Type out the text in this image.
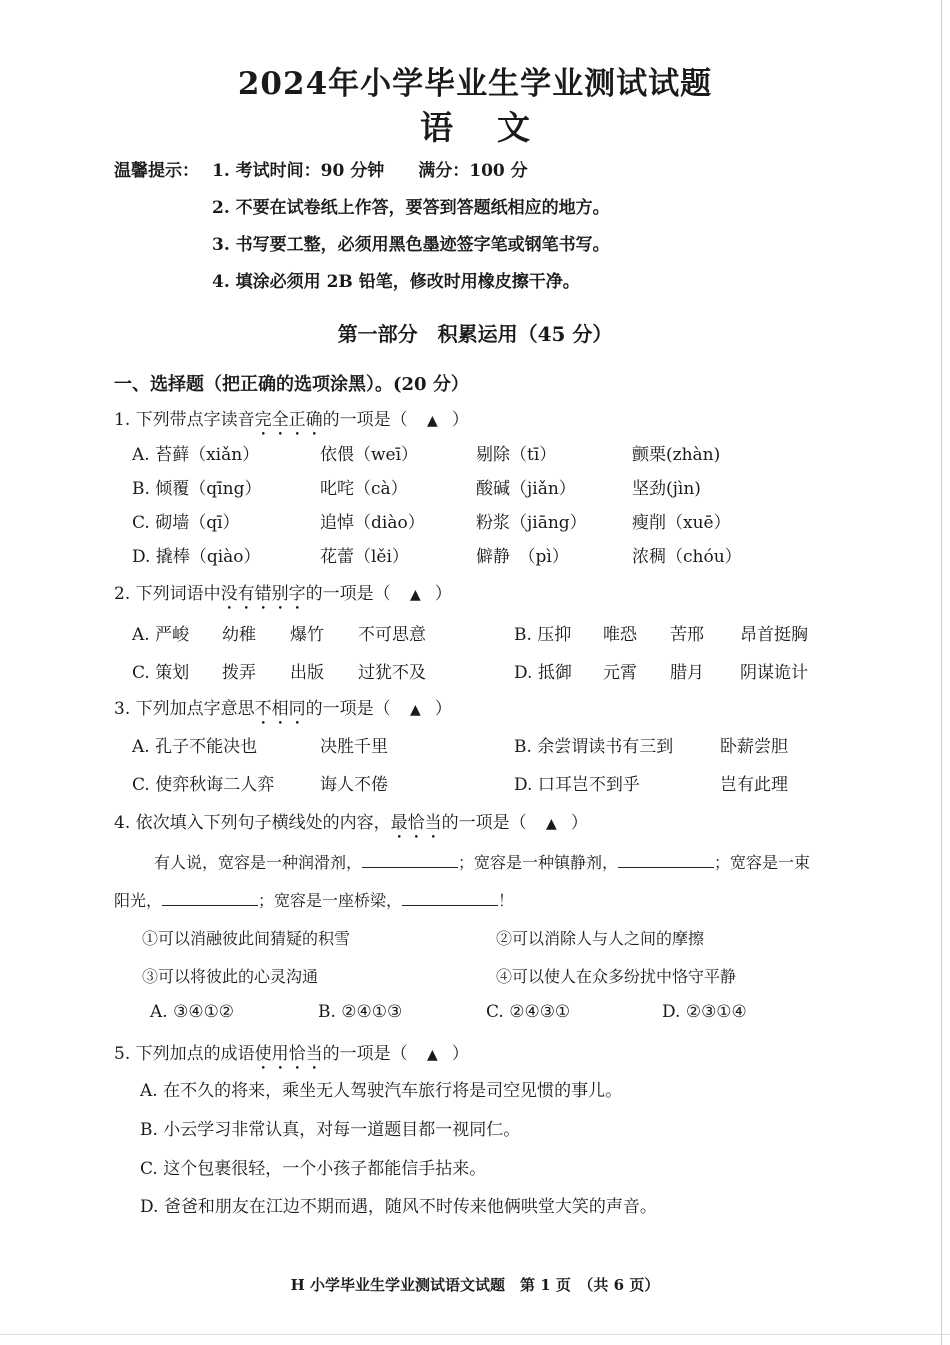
2024年小学毕业生学业测试试题
语文
温馨提示： 1. 考试时间：90 分钟　　满分：100 分
2. 不要在试卷纸上作答，要答到答题纸相应的地方。
3. 书写要工整，必须用黑色墨迹签字笔或钢笔书写。
4. 填涂必须用 2B 铅笔，修改时用橡皮擦干净。
第一部分　积累运用（45 分）
一、选择题（把正确的选项涂黑）。(20 分）
1. 下列带点字读音完全正确的一项是（ ▲ ）
A. 苔藓（xiǎn）	依偎（weī）	剔除（tī）	颤栗(zhàn)
B. 倾覆（qīng）	叱咤（cà）	酸碱（jiǎn）	坚劲(jìn)
C. 砌墙（qī）	追悼（diào）	粉浆（jiāng）	瘦削（xuē）
D. 撬棒（qiào）	花蕾（lěi）	僻静　（pì）	浓稠（chóu）
2. 下列词语中没有错别字的一项是（ ▲ ）
A. 严峻 幼稚 爆竹 不可思意	B. 压抑 唯恐 苦邢 昂首挺胸
C. 策划 拨弄 出版 过犹不及	D. 抵御 元霄 腊月 阴谋诡计
3. 下列加点字意思不相同的一项是（ ▲ ）
A. 孔子不能决也	决胜千里	B. 余尝谓读书有三到	卧薪尝胆
C. 使弈秋诲二人弈	诲人不倦	D. 口耳岂不到乎	岂有此理
4. 依次填入下列句子横线处的内容，最恰当的一项是（ ▲ ）
有人说，宽容是一种润滑剂，	；宽容是一种镇静剂，	；宽容是一束
阳光，	；宽容是一座桥梁，	！
①可以消融彼此间猜疑的积雪	②可以消除人与人之间的摩擦
③可以将彼此的心灵沟通	④可以使人在众多纷扰中恪守平静
A. ③④①②	B. ②④①③	C. ②④③①	D. ②③①④
5. 下列加点的成语使用恰当的一项是（ ▲ ）
A. 在不久的将来，乘坐无人驾驶汽车旅行将是司空见惯的事儿。
B. 小云学习非常认真，对每一道题目都一视同仁。
C. 这个包裹很轻，一个小孩子都能信手拈来。
D. 爸爸和朋友在江边不期而遇，随风不时传来他俩哄堂大笑的声音。
H 小学毕业生学业测试语文试题　第 1 页　（共 6 页）
